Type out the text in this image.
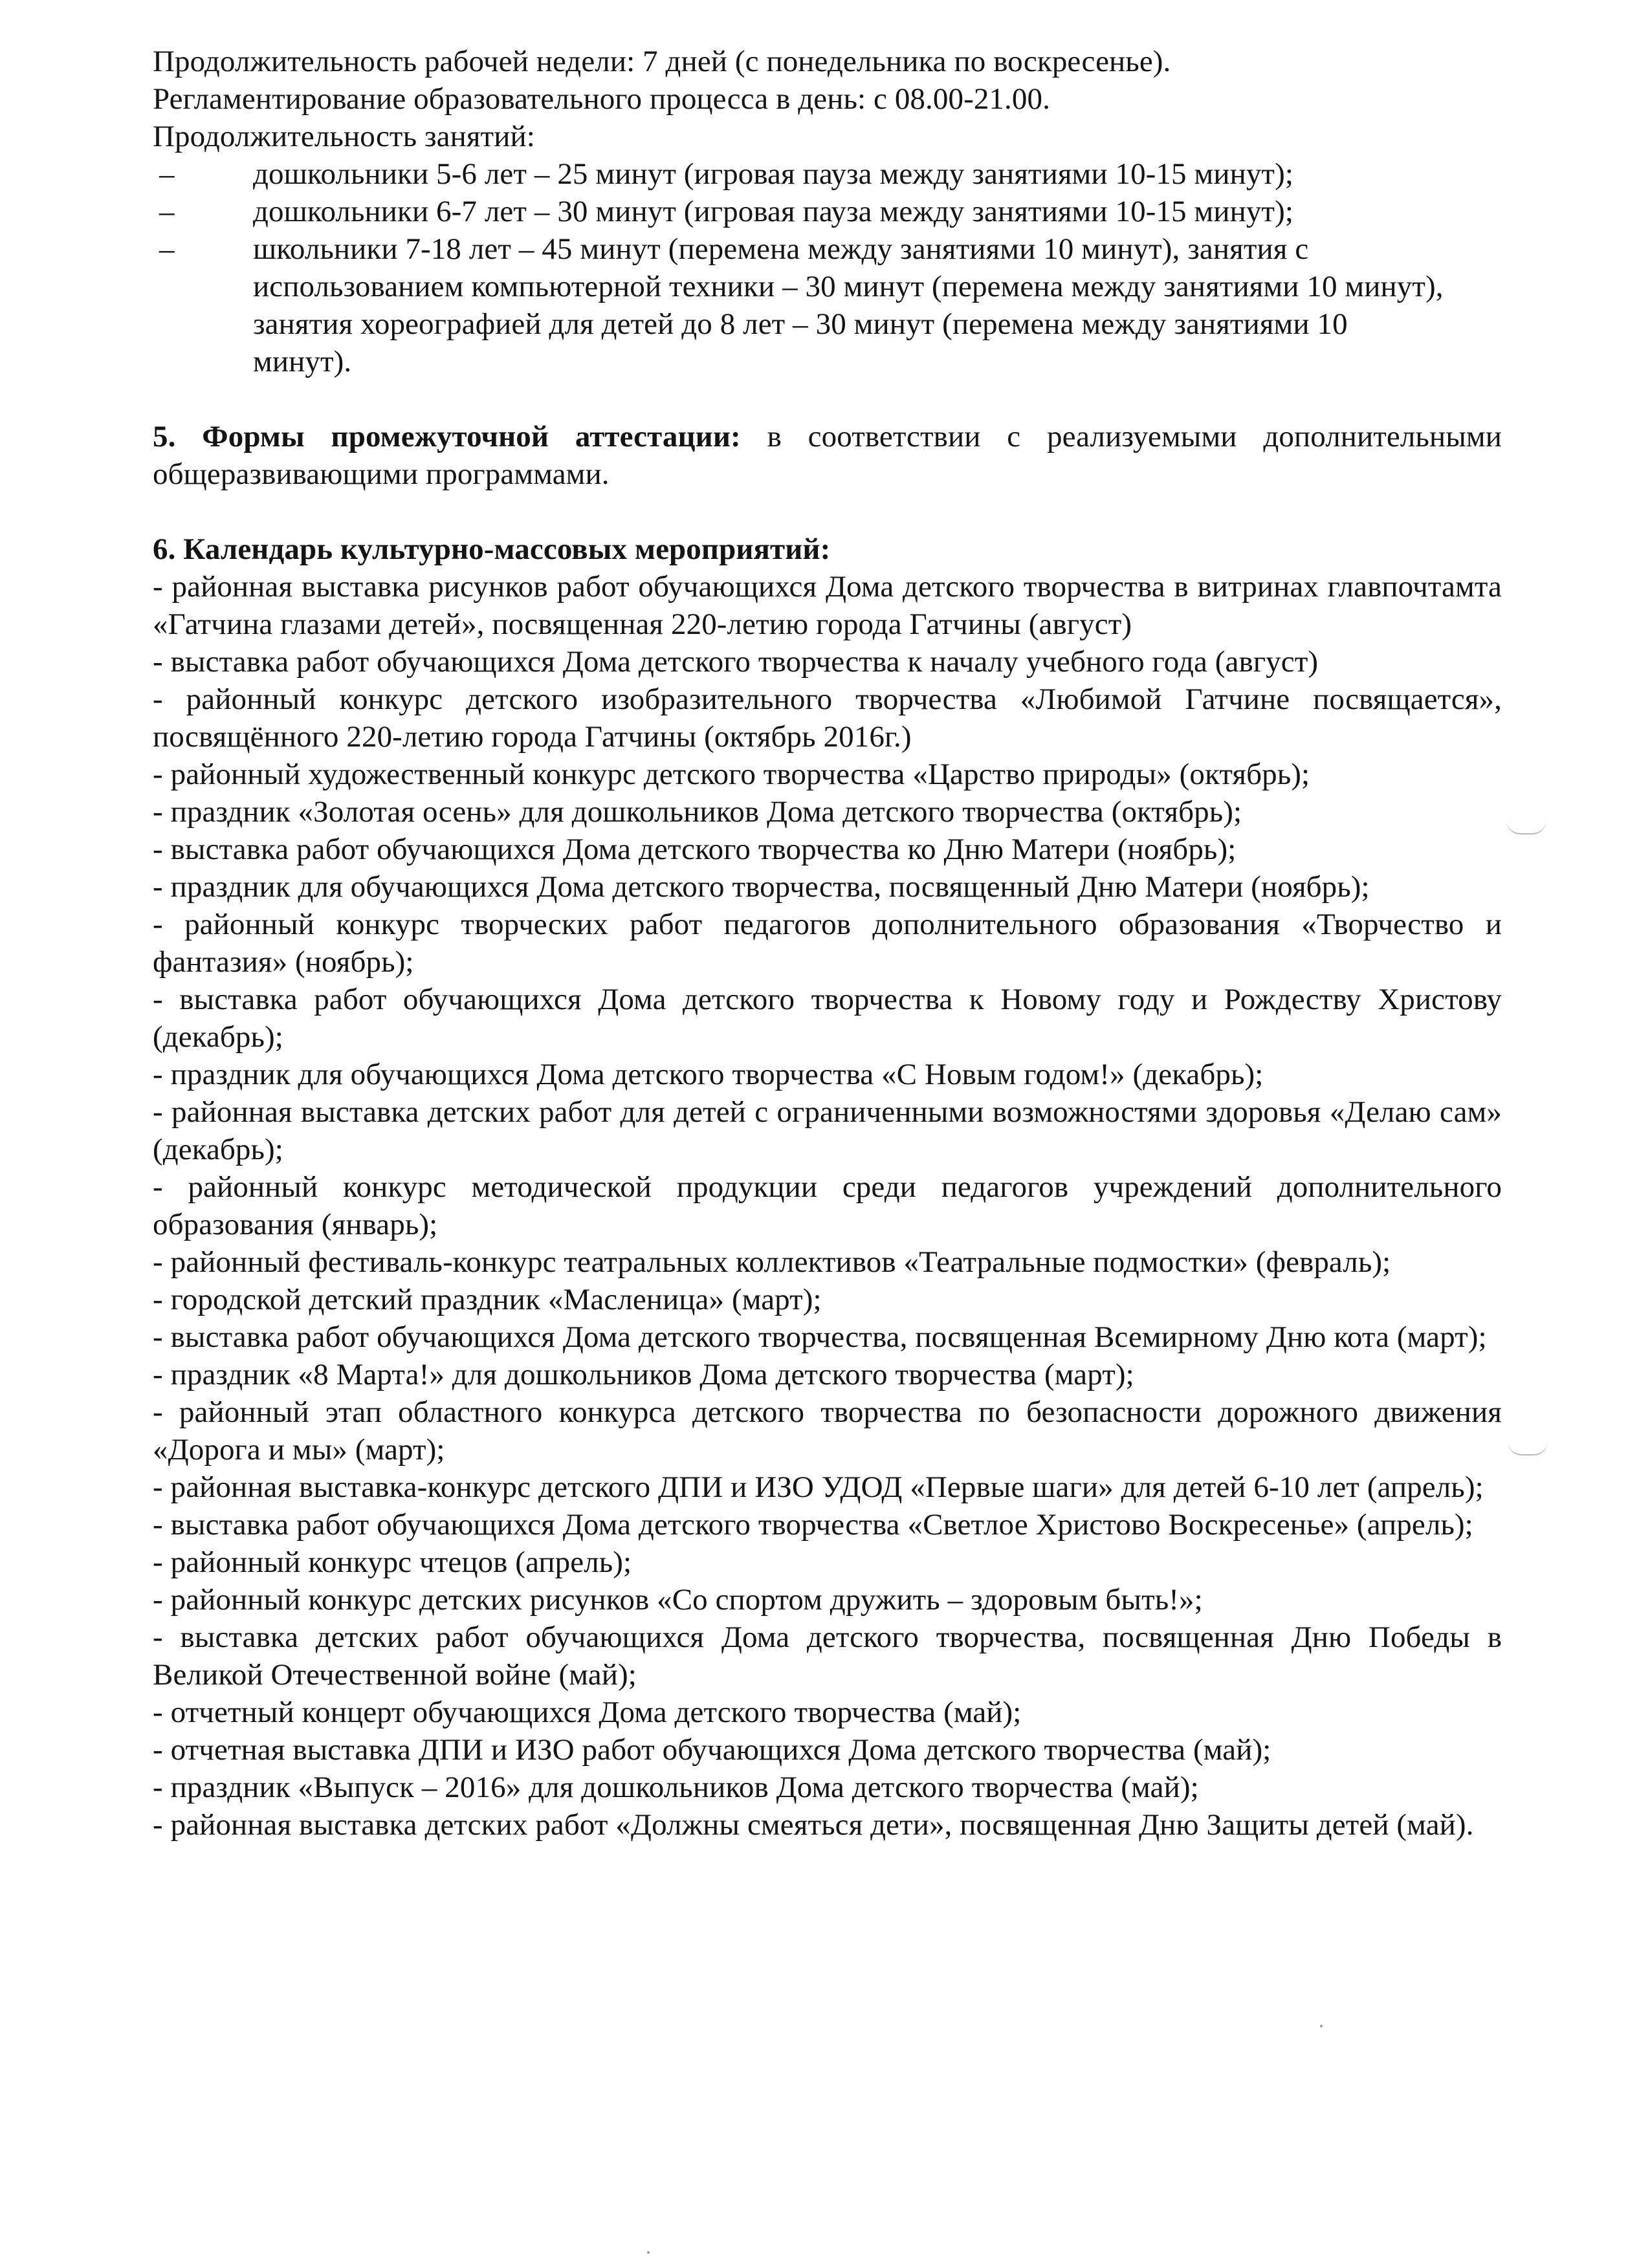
Продолжительность рабочей недели: 7 дней (с понедельника по воскресенье).

Регламентирование образовательного процесса в день: с 08.00-21.00.

Продолжительность занятий:

–	дошкольники 5-6 лет – 25 минут (игровая пауза между занятиями 10-15 минут);
–	дошкольники 6-7 лет – 30 минут (игровая пауза между занятиями 10-15 минут);
–	школьники 7-18 лет – 45 минут (перемена между занятиями 10 минут), занятия с использованием компьютерной техники – 30 минут (перемена между занятиями 10 минут), занятия хореографией для детей до 8 лет – 30 минут (перемена между занятиями 10 минут).

5. Формы промежуточной аттестации: в соответствии с реализуемыми дополнительными общеразвивающими программами.

6. Календарь культурно-массовых мероприятий:

- районная выставка рисунков работ обучающихся Дома детского творчества в витринах главпочтамта «Гатчина глазами детей», посвященная 220-летию города Гатчины (август)
- выставка работ обучающихся Дома детского творчества к началу учебного года (август)
- районный конкурс детского изобразительного творчества «Любимой Гатчине посвящается», посвящённого 220-летию города Гатчины (октябрь 2016г.)
- районный художественный конкурс детского творчества «Царство природы» (октябрь);
- праздник «Золотая осень» для дошкольников Дома детского творчества (октябрь);
- выставка работ обучающихся Дома детского творчества ко Дню Матери (ноябрь);
- праздник для обучающихся Дома детского творчества, посвященный Дню Матери (ноябрь);
- районный конкурс творческих работ педагогов дополнительного образования «Творчество и фантазия» (ноябрь);
- выставка работ обучающихся Дома детского творчества к Новому году и Рождеству Христову (декабрь);
- праздник для обучающихся Дома детского творчества «С Новым годом!» (декабрь);
- районная выставка детских работ для детей с ограниченными возможностями здоровья «Делаю сам» (декабрь);
- районный конкурс методической продукции среди педагогов учреждений дополнительного образования (январь);
- районный фестиваль-конкурс театральных коллективов «Театральные подмостки» (февраль);
- городской детский праздник «Масленица» (март);
- выставка работ обучающихся Дома детского творчества, посвященная Всемирному Дню кота (март);
- праздник «8 Марта!» для дошкольников Дома детского творчества (март);
- районный этап областного конкурса детского творчества по безопасности дорожного движения «Дорога и мы» (март);
- районная выставка-конкурс детского ДПИ и ИЗО УДОД «Первые шаги» для детей 6-10 лет (апрель);
- выставка работ обучающихся Дома детского творчества «Светлое Христово Воскресенье» (апрель);
- районный конкурс чтецов (апрель);
- районный конкурс детских рисунков «Со спортом дружить – здоровым быть!»;
- выставка детских работ обучающихся Дома детского творчества, посвященная Дню Победы в Великой Отечественной войне (май);
- отчетный концерт обучающихся Дома детского творчества (май);
- отчетная выставка ДПИ и ИЗО работ обучающихся Дома детского творчества (май);
- праздник «Выпуск – 2016» для дошкольников Дома детского творчества (май);
- районная выставка детских работ «Должны смеяться дети», посвященная Дню Защиты детей (май).
